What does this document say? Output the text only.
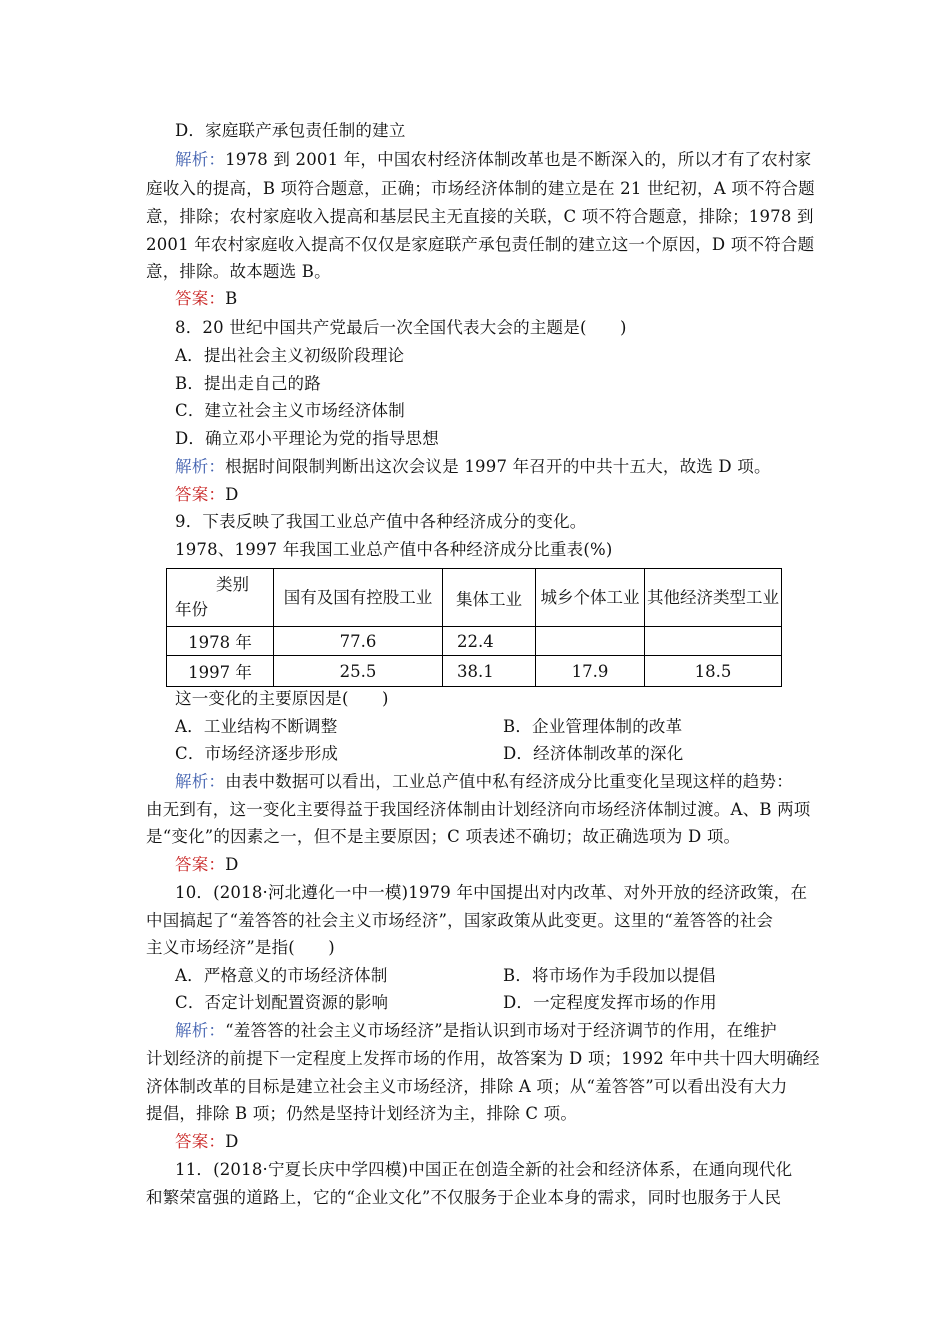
D．家庭联产承包责任制的建立
解析：1978 到 2001 年，中国农村经济体制改革也是不断深入的，所以才有了农村家
庭收入的提高，B 项符合题意，正确；市场经济体制的建立是在 21 世纪初，A 项不符合题
意，排除；农村家庭收入提高和基层民主无直接的关联，C 项不符合题意，排除；1978 到
2001 年农村家庭收入提高不仅仅是家庭联产承包责任制的建立这一个原因，D 项不符合题
意，排除。故本题选 B。
答案：B
8．20 世纪中国共产党最后一次全国代表大会的主题是(　　)
A．提出社会主义初级阶段理论
B．提出走自己的路
C．建立社会主义市场经济体制
D．确立邓小平理论为党的指导思想
解析：根据时间限制判断出这次会议是 1997 年召开的中共十五大，故选 D 项。
答案：D
9．下表反映了我国工业总产值中各种经济成分的变化。
1978、1997 年我国工业总产值中各种经济成分比重表(%)
类别
年份	国有及国有控股工业	集体工业	城乡个体工业	其他经济类型工业
1978 年	77.6	22.4		
1997 年	25.5	38.1	17.9	18.5
这一变化的主要原因是(　　)
A．工业结构不断调整	B．企业管理体制的改革
C．市场经济逐步形成	D．经济体制改革的深化
解析：由表中数据可以看出，工业总产值中私有经济成分比重变化呈现这样的趋势：
由无到有，这一变化主要得益于我国经济体制由计划经济向市场经济体制过渡。A、B 两项
是“变化”的因素之一，但不是主要原因；C 项表述不确切；故正确选项为 D 项。
答案：D
10．(2018·河北遵化一中一模)1979 年中国提出对内改革、对外开放的经济政策，在
中国搞起了“羞答答的社会主义市场经济”，国家政策从此变更。这里的“羞答答的社会
主义市场经济”是指(　　)
A．严格意义的市场经济体制	B．将市场作为手段加以提倡
C．否定计划配置资源的影响	D．一定程度发挥市场的作用
解析：“羞答答的社会主义市场经济”是指认识到市场对于经济调节的作用，在维护
计划经济的前提下一定程度上发挥市场的作用，故答案为 D 项；1992 年中共十四大明确经
济体制改革的目标是建立社会主义市场经济，排除 A 项；从“羞答答”可以看出没有大力
提倡，排除 B 项；仍然是坚持计划经济为主，排除 C 项。
答案：D
11．(2018·宁夏长庆中学四模)中国正在创造全新的社会和经济体系，在通向现代化
和繁荣富强的道路上，它的“企业文化”不仅服务于企业本身的需求，同时也服务于人民
